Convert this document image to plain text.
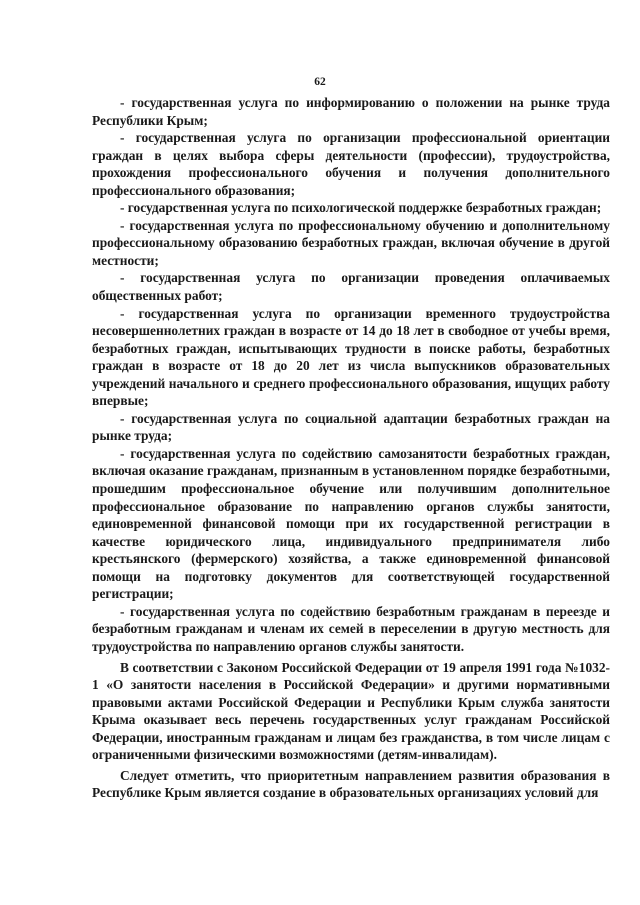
62

- государственная услуга по информированию о положении на рынке труда Республики Крым;

- государственная услуга по организации профессиональной ориентации граждан в целях выбора сферы деятельности (профессии), трудоустройства, прохождения профессионального обучения и получения дополнительного профессионального образования;

- государственная услуга по психологической поддержке безработных граждан;

- государственная услуга по профессиональному обучению и дополнительному профессиональному образованию безработных граждан, включая обучение в другой местности;

- государственная услуга по организации проведения оплачиваемых общественных работ;

- государственная услуга по организации временного трудоустройства несовершеннолетних граждан в возрасте от 14 до 18 лет в свободное от учебы время, безработных граждан, испытывающих трудности в поиске работы, безработных граждан в возрасте от 18 до 20 лет из числа выпускников образовательных учреждений начального и среднего профессионального образования, ищущих работу впервые;

- государственная услуга по социальной адаптации безработных граждан на рынке труда;

- государственная услуга по содействию самозанятости безработных граждан, включая оказание гражданам, признанным в установленном порядке безработными, прошедшим профессиональное обучение или получившим дополнительное профессиональное образование по направлению органов службы занятости, единовременной финансовой помощи при их государственной регистрации в качестве юридического лица, индивидуального предпринимателя либо крестьянского (фермерского) хозяйства, а также единовременной финансовой помощи на подготовку документов для соответствующей государственной регистрации;

- государственная услуга по содействию безработным гражданам в переезде и безработным гражданам и членам их семей в переселении в другую местность для трудоустройства по направлению органов службы занятости.

В соответствии с Законом Российской Федерации от 19 апреля 1991 года №1032-1 «О занятости населения в Российской Федерации» и другими нормативными правовыми актами Российской Федерации и Республики Крым служба занятости Крыма оказывает весь перечень государственных услуг гражданам Российской Федерации, иностранным гражданам и лицам без гражданства, в том числе лицам с ограниченными физическими возможностями (детям-инвалидам).

Следует отметить, что приоритетным направлением развития образования в Республике Крым является создание в образовательных организациях условий для
